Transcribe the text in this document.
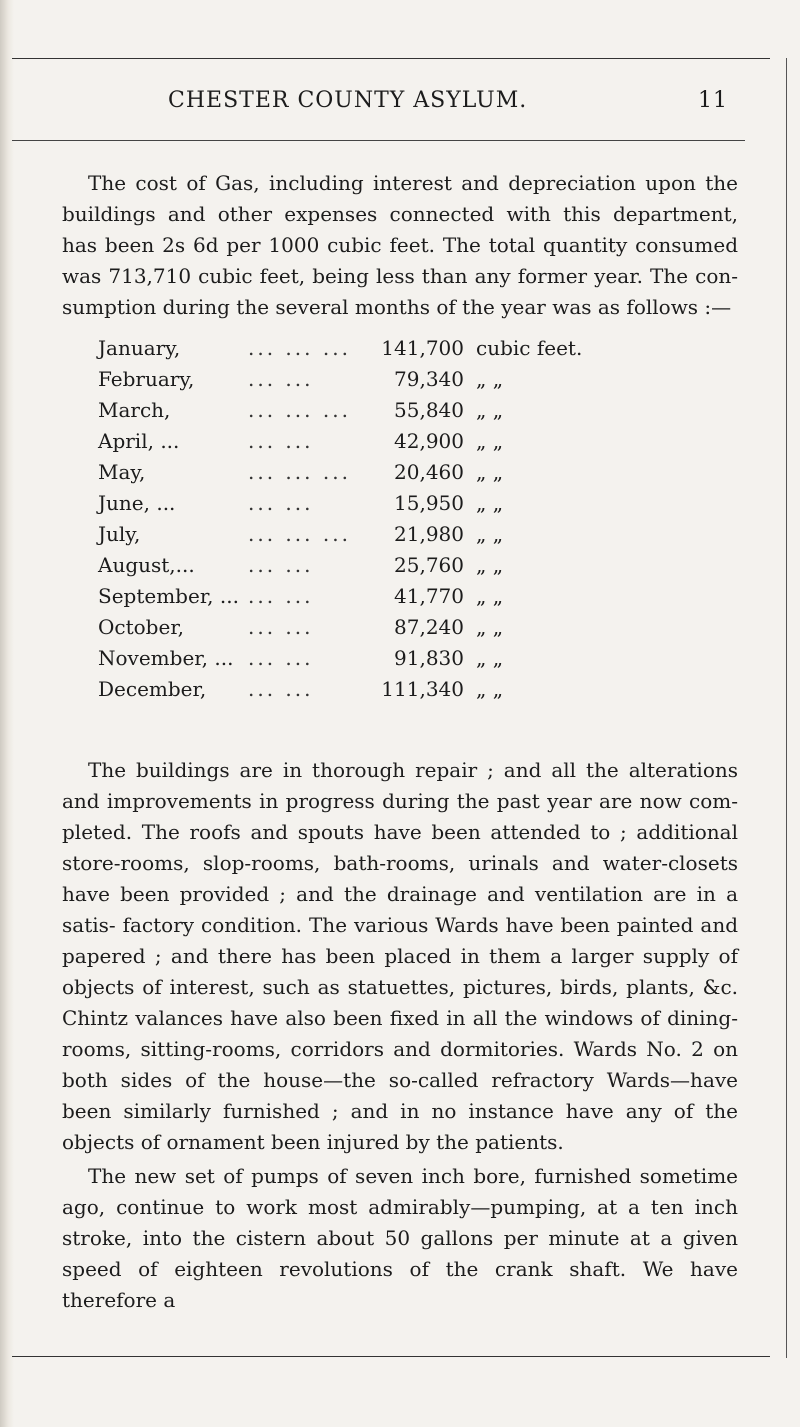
CHESTER COUNTY ASYLUM.	11

The cost of Gas, including interest and depreciation upon the buildings and other expenses connected with this department, has been 2s 6d per 1000 cubic feet. The total quantity consumed was 713,710 cubic feet, being less than any former year. The con- sumption during the several months of the year was as follows :—

January,	... ... ...	141,700 cubic feet.
February,	... ...	79,340 „ „
March,	... ... ...	55,840 „ „
April, ...	... ...	42,900 „ „
May,	... ... ...	20,460 „ „
June, ...	... ...	15,950 „ „
July,	... ... ...	21,980 „ „
August,...	... ...	25,760 „ „
September, ... ... ...	41,770 „ „
October,	... ...	87,240 „ „
November, ... ... ...	91,830 „ „
December, ... ...	111,340 „ „

The buildings are in thorough repair ; and all the alterations and improvements in progress during the past year are now com- pleted. The roofs and spouts have been attended to ; additional store-rooms, slop-rooms, bath-rooms, urinals and water-closets have been provided ; and the drainage and ventilation are in a satis- factory condition. The various Wards have been painted and papered ; and there has been placed in them a larger supply of objects of interest, such as statuettes, pictures, birds, plants, &c. Chintz valances have also been fixed in all the windows of dining- rooms, sitting-rooms, corridors and dormitories. Wards No. 2 on both sides of the house—the so-called refractory Wards—have been similarly furnished ; and in no instance have any of the objects of ornament been injured by the patients.

The new set of pumps of seven inch bore, furnished sometime ago, continue to work most admirably—pumping, at a ten inch stroke, into the cistern about 50 gallons per minute at a given speed of eighteen revolutions of the crank shaft. We have therefore a
